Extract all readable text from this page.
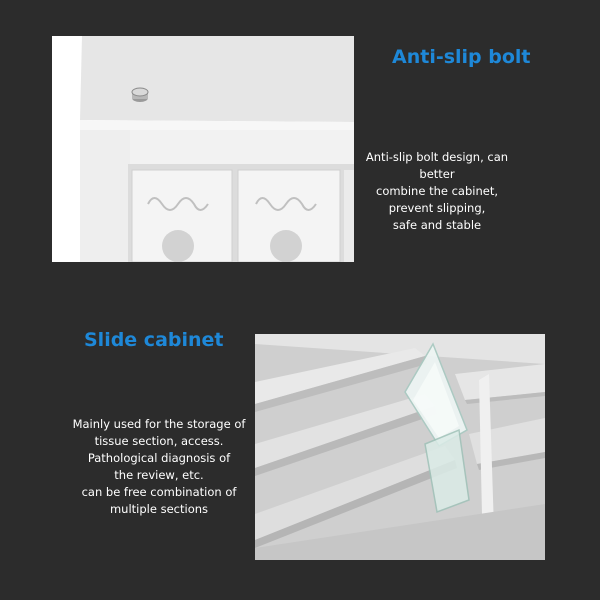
Anti-slip bolt
Anti-slip bolt design, can better
combine the cabinet,
prevent slipping,
safe and stable
Slide cabinet
Mainly used for the storage of
tissue section, access.
Pathological diagnosis of
the review, etc.
can be free combination of
multiple sections
